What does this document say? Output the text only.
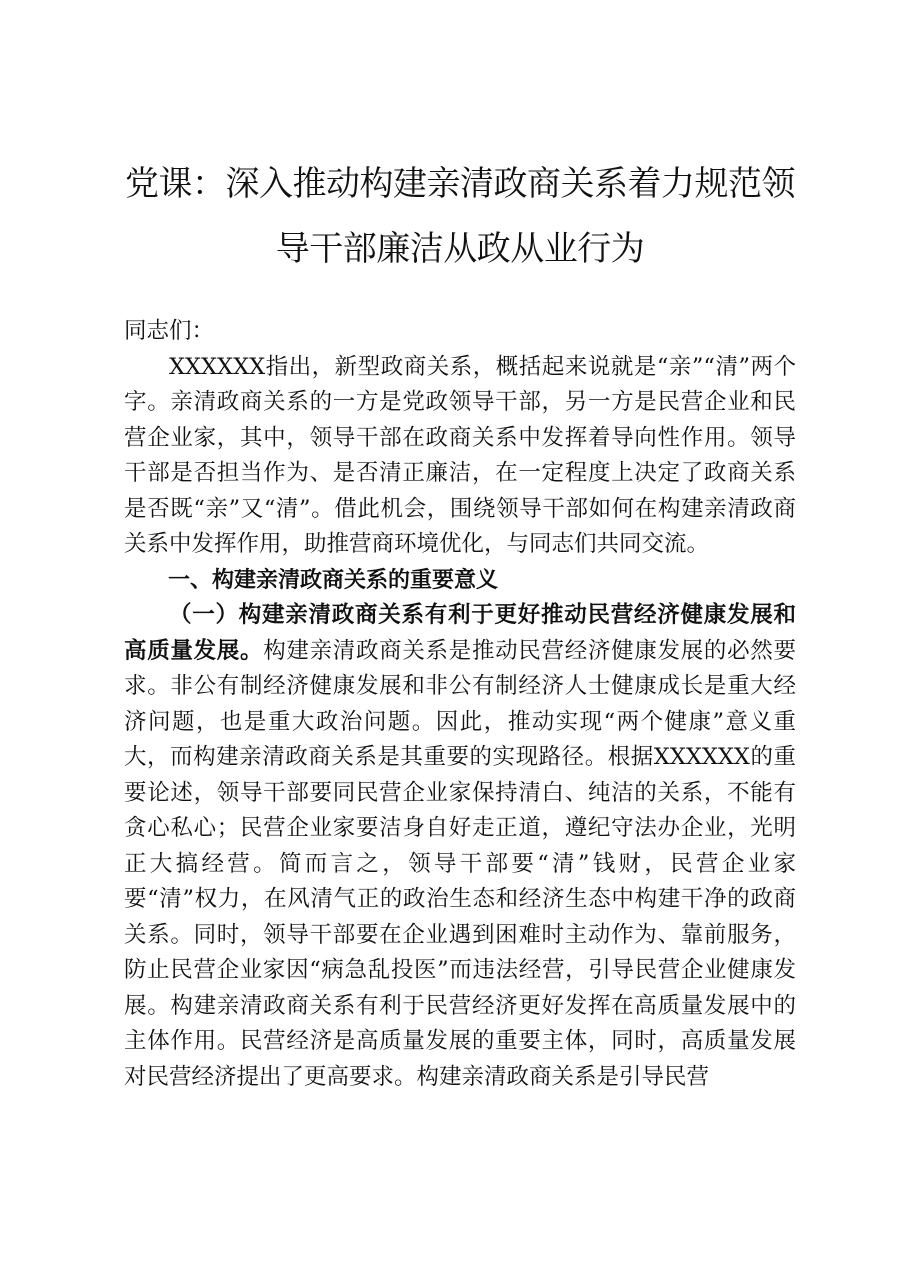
党课：深入推动构建亲清政商关系着力规范领
导干部廉洁从政从业行为

同志们：

XXXXXX指出，新型政商关系，概括起来说就是“亲”“清”两个字。亲清政商关系的一方是党政领导干部，另一方是民营企业和民营企业家，其中，领导干部在政商关系中发挥着导向性作用。领导干部是否担当作为、是否清正廉洁，在一定程度上决定了政商关系是否既“亲”又“清”。借此机会，围绕领导干部如何在构建亲清政商关系中发挥作用，助推营商环境优化，与同志们共同交流。

一、构建亲清政商关系的重要意义

（一）构建亲清政商关系有利于更好推动民营经济健康发展和高质量发展。构建亲清政商关系是推动民营经济健康发展的必然要求。非公有制经济健康发展和非公有制经济人士健康成长是重大经济问题，也是重大政治问题。因此，推动实现“两个健康”意义重大，而构建亲清政商关系是其重要的实现路径。根据XXXXXX的重要论述，领导干部要同民营企业家保持清白、纯洁的关系，不能有贪心私心；民营企业家要洁身自好走正道，遵纪守法办企业，光明正大搞经营。简而言之，领导干部要“清”钱财，民营企业家要“清”权力，在风清气正的政治生态和经济生态中构建干净的政商关系。同时，领导干部要在企业遇到困难时主动作为、靠前服务，防止民营企业家因“病急乱投医”而违法经营，引导民营企业健康发展。构建亲清政商关系有利于民营经济更好发挥在高质量发展中的主体作用。民营经济是高质量发展的重要主体，同时，高质量发展对民营经济提出了更高要求。构建亲清政商关系是引导民营
